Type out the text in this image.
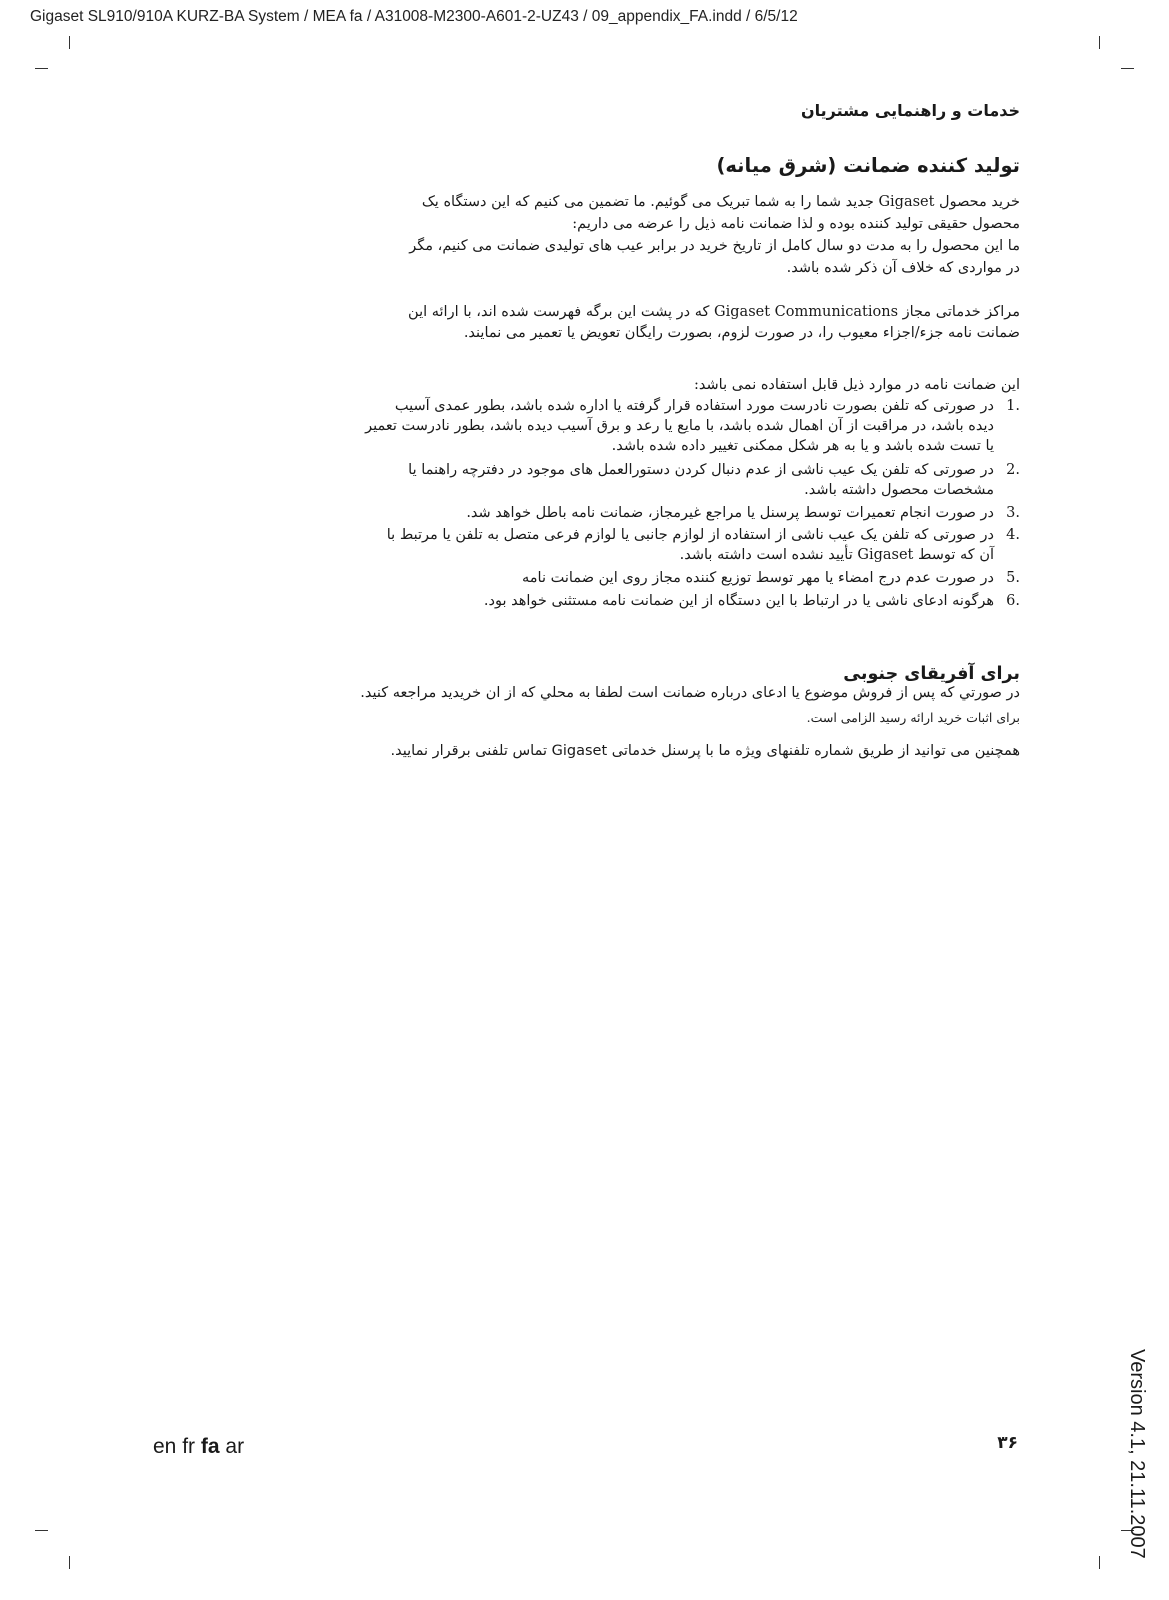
Gigaset SL910/910A KURZ-BA System / MEA fa / A31008-M2300-A601-2-UZ43 / 09_appendix_FA.indd / 6/5/12
خدمات و راهنمایی مشتریان
تولید کننده ضمانت (شرق میانه)
خرید محصول Gigaset جدید شما را به شما تبریک می گوئیم. ما تضمین می کنیم که این دستگاه یک
محصول حقیقی تولید کننده بوده و لذا ضمانت نامه ذیل را عرضه می داریم:
ما این محصول را به مدت دو سال کامل از تاریخ خرید در برابر عیب های تولیدی ضمانت می کنیم، مگر
در مواردی که خلاف آن ذکر شده باشد.
مراکز خدماتی مجاز Gigaset Communications که در پشت این برگه فهرست شده اند، با ارائه این
ضمانت نامه جزء/اجزاء معیوب را، در صورت لزوم، بصورت رایگان تعویض یا تعمیر می نمایند.
این ضمانت نامه در موارد ذیل قابل استفاده نمی باشد:
.1
در صورتی که تلفن بصورت نادرست مورد استفاده قرار گرفته یا اداره شده باشد، بطور عمدی آسیب
دیده باشد، در مراقبت از آن اهمال شده باشد، با مایع یا رعد و برق آسیب دیده باشد، بطور نادرست تعمیر
یا تست شده باشد و یا به هر شکل ممکنی تغییر داده شده باشد.
.2
در صورتی که تلفن یک عیب ناشی از عدم دنبال کردن دستورالعمل های موجود در دفترچه راهنما یا
مشخصات محصول داشته باشد.
.3
در صورت انجام تعمیرات توسط پرسنل یا مراجع غیرمجاز، ضمانت نامه باطل خواهد شد.
.4
در صورتی که تلفن یک عیب ناشی از استفاده از لوازم جانبی یا لوازم فرعی متصل به تلفن یا مرتبط با
آن که توسط Gigaset تأیید نشده است داشته باشد.
.5
در صورت عدم درج امضاء یا مهر توسط توزیع کننده مجاز روی این ضمانت نامه
.6
هرگونه ادعای ناشی یا در ارتباط با این دستگاه از این ضمانت نامه مستثنی خواهد بود.
برای آفریقای جنوبی
در صورتي که پس از فروش موضوع يا ادعای درباره ضمانت است لطفا به محلي که از ان خريديد مراجعه کنيد.
برای اثبات خريد ارائه رسيد الزامی است.
همچنین می توانید از طریق شماره تلفنهای ویژه ما با پرسنل خدماتی Gigaset تماس تلفنی برقرار نمایید.
en fr fa ar	۳۶	Version 4.1, 21.11.2007
